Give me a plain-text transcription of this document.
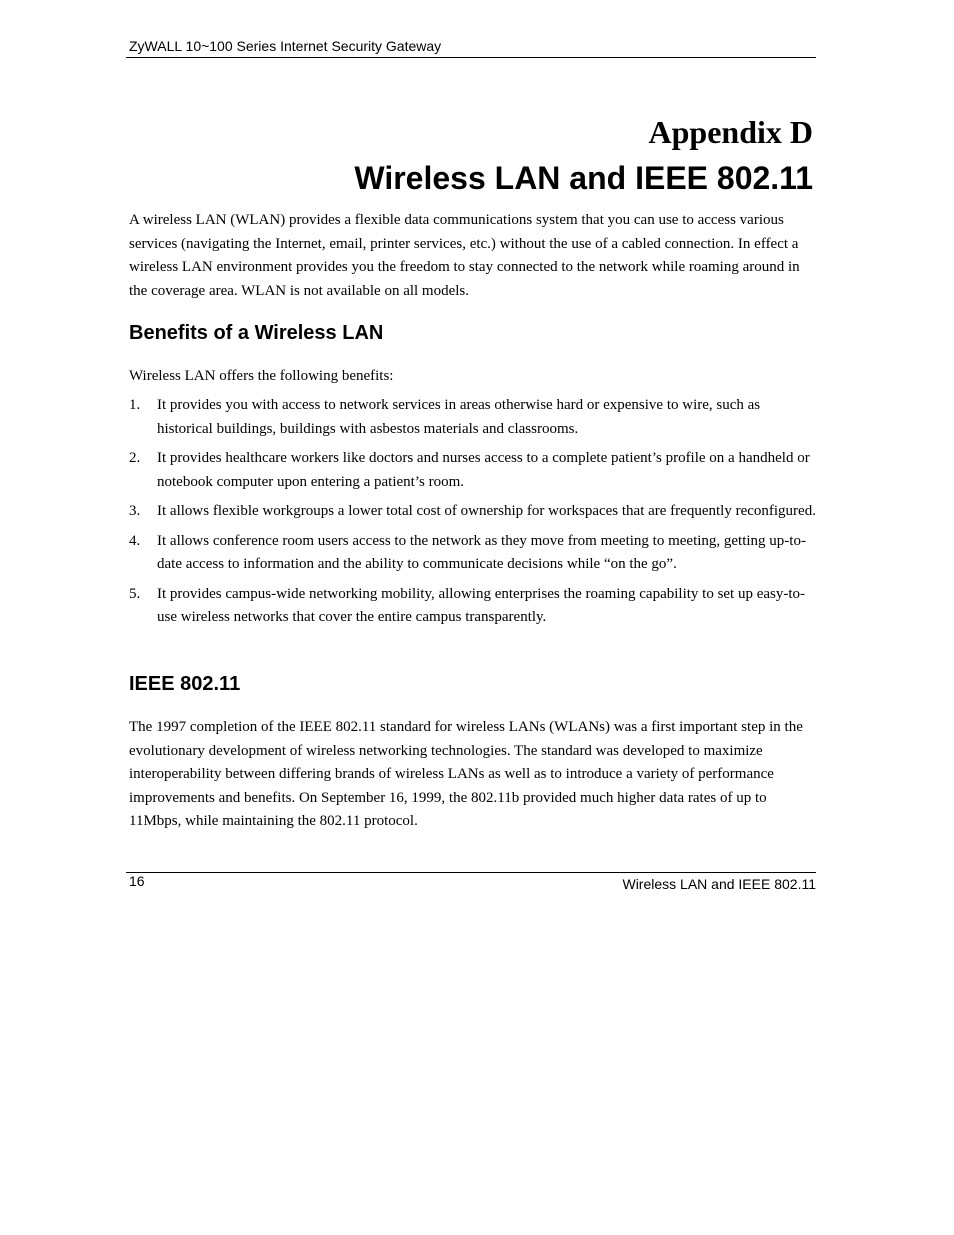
ZyWALL 10~100 Series Internet Security Gateway
Appendix D
Wireless LAN and IEEE 802.11

A wireless LAN (WLAN) provides a flexible data communications system that you can use to access various services (navigating the Internet, email, printer services, etc.) without the use of a cabled connection. In effect a wireless LAN environment provides you the freedom to stay connected to the network while roaming around in the coverage area. WLAN is not available on all models.

Benefits of a Wireless LAN

Wireless LAN offers the following benefits:

1. It provides you with access to network services in areas otherwise hard or expensive to wire, such as historical buildings, buildings with asbestos materials and classrooms.
2. It provides healthcare workers like doctors and nurses access to a complete patient’s profile on a handheld or notebook computer upon entering a patient’s room.
3. It allows flexible workgroups a lower total cost of ownership for workspaces that are frequently reconfigured.
4. It allows conference room users access to the network as they move from meeting to meeting, getting up-to-date access to information and the ability to communicate decisions while “on the go”.
5. It provides campus-wide networking mobility, allowing enterprises the roaming capability to set up easy-to-use wireless networks that cover the entire campus transparently.
IEEE 802.11

The 1997 completion of the IEEE 802.11 standard for wireless LANs (WLANs) was a first important step in the evolutionary development of wireless networking technologies. The standard was developed to maximize interoperability between differing brands of wireless LANs as well as to introduce a variety of performance improvements and benefits. On September 16, 1999, the 802.11b provided much higher data rates of up to 11Mbps, while maintaining the 802.11 protocol.

16	Wireless LAN and IEEE 802.11
